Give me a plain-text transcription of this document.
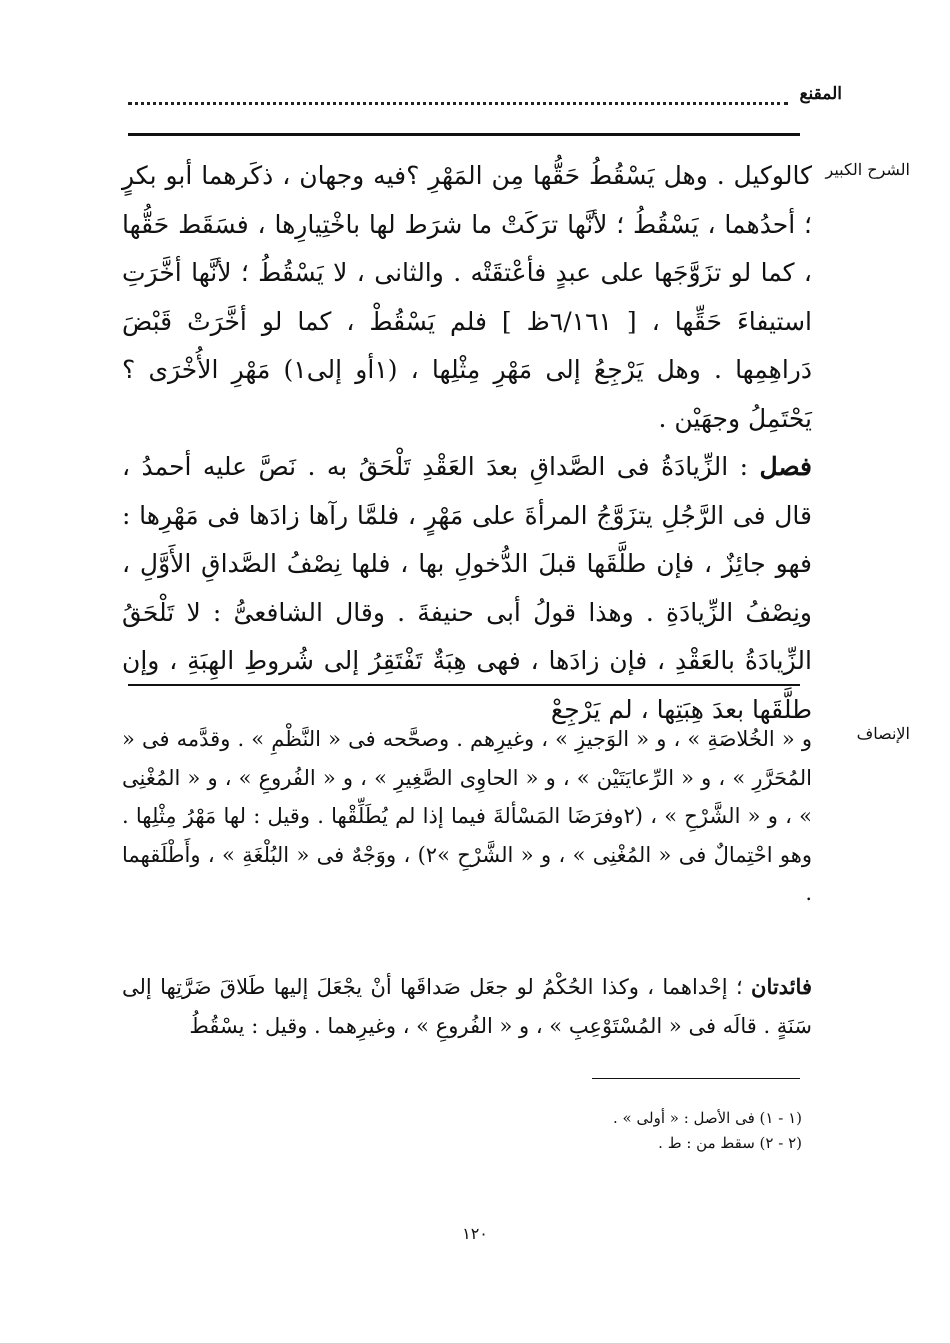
المقنع
الشرح الكبير

كالوكيل . وهل يَسْقُطُ حَقُّها مِن المَهْرِ ؟فيه وجهان ، ذكَرهما أبو بكرٍ ؛ أحدُهما ، يَسْقُطُ ؛ لأنَّها ترَكَتْ ما شرَط لها باخْتِيارِها ، فسَقَط حَقُّها ، كما لو تزَوَّجَها على عبدٍ فأعْتقَتْه . والثانى ، لا يَسْقُطُ ؛ لأنَّها أخَّرَتِ استيفاءَ حَقِّها ، [ ٦/١٦١ظ ] فلم يَسْقُطْ ، كما لو أخَّرَتْ قَبْضَ دَراهِمِها . وهل يَرْجِعُ إلى مَهْرِ مِثْلِها ، (١أو إلى١) مَهْرِ الأُخْرَى ؟ يَحْتَمِلُ وجهَيْن .

فصل : الزِّيادَةُ فى الصَّداقِ بعدَ العَقْدِ تَلْحَقُ به . نَصَّ عليه أحمدُ ، قال فى الرَّجُلِ يتزَوَّجُ المرأةَ على مَهْرٍ ، فلمَّا رآها زادَها فى مَهْرِها : فهو جائِزٌ ، فإن طلَّقَها قبلَ الدُّخولِ بها ، فلها نِصْفُ الصَّداقِ الأَوَّلِ ، ونِصْفُ الزِّيادَةِ . وهذا قولُ أبى حنيفةَ . وقال الشافعىُّ : لا تَلْحَقُ الزِّيادَةُ بالعَقْدِ ، فإن زادَها ، فهى هِبَةٌ تَفْتَقِرُ إلى شُروطِ الهِبَةِ ، وإن طلَّقَها بعدَ هِبَتِها ، لم يَرْجِعْ

الإنصاف

و « الخُلاصَةِ » ، و « الوَجيزِ » ، وغيرِهم . وصحَّحه فى « النَّظْمِ » . وقدَّمه فى « المُحَرَّرِ » ، و « الرِّعايَتَيْن » ، و « الحاوِى الصَّغِيرِ » ، و « الفُروعِ » ، و « المُغْنِى » ، و « الشَّرْحِ » ، (٢وفرَضَا المَسْألةَ فيما إذا لم يُطَلِّقْها . وقيل : لها مَهْرُ مِثْلِها . وهو احْتِمالٌ فى « المُغْنِى » ، و « الشَّرْحِ »٢) ، ووَجْهٌ فى « البُلْغَةِ » ، وأَطْلَقهما .

فائدتان ؛ إحْداهما ، وكذا الحُكْمُ لو جعَل صَداقَها أنْ يجْعَلَ إليها طَلاقَ ضَرَّتِها إلى سَنَةٍ . قالَه فى « المُسْتَوْعِبِ » ، و « الفُروعِ » ، وغيرِهما . وقيل : يسْقُطُ

(١ - ١) فى الأصل : « أولى » .
(٢ - ٢) سقط من : ط .
١٢٠
